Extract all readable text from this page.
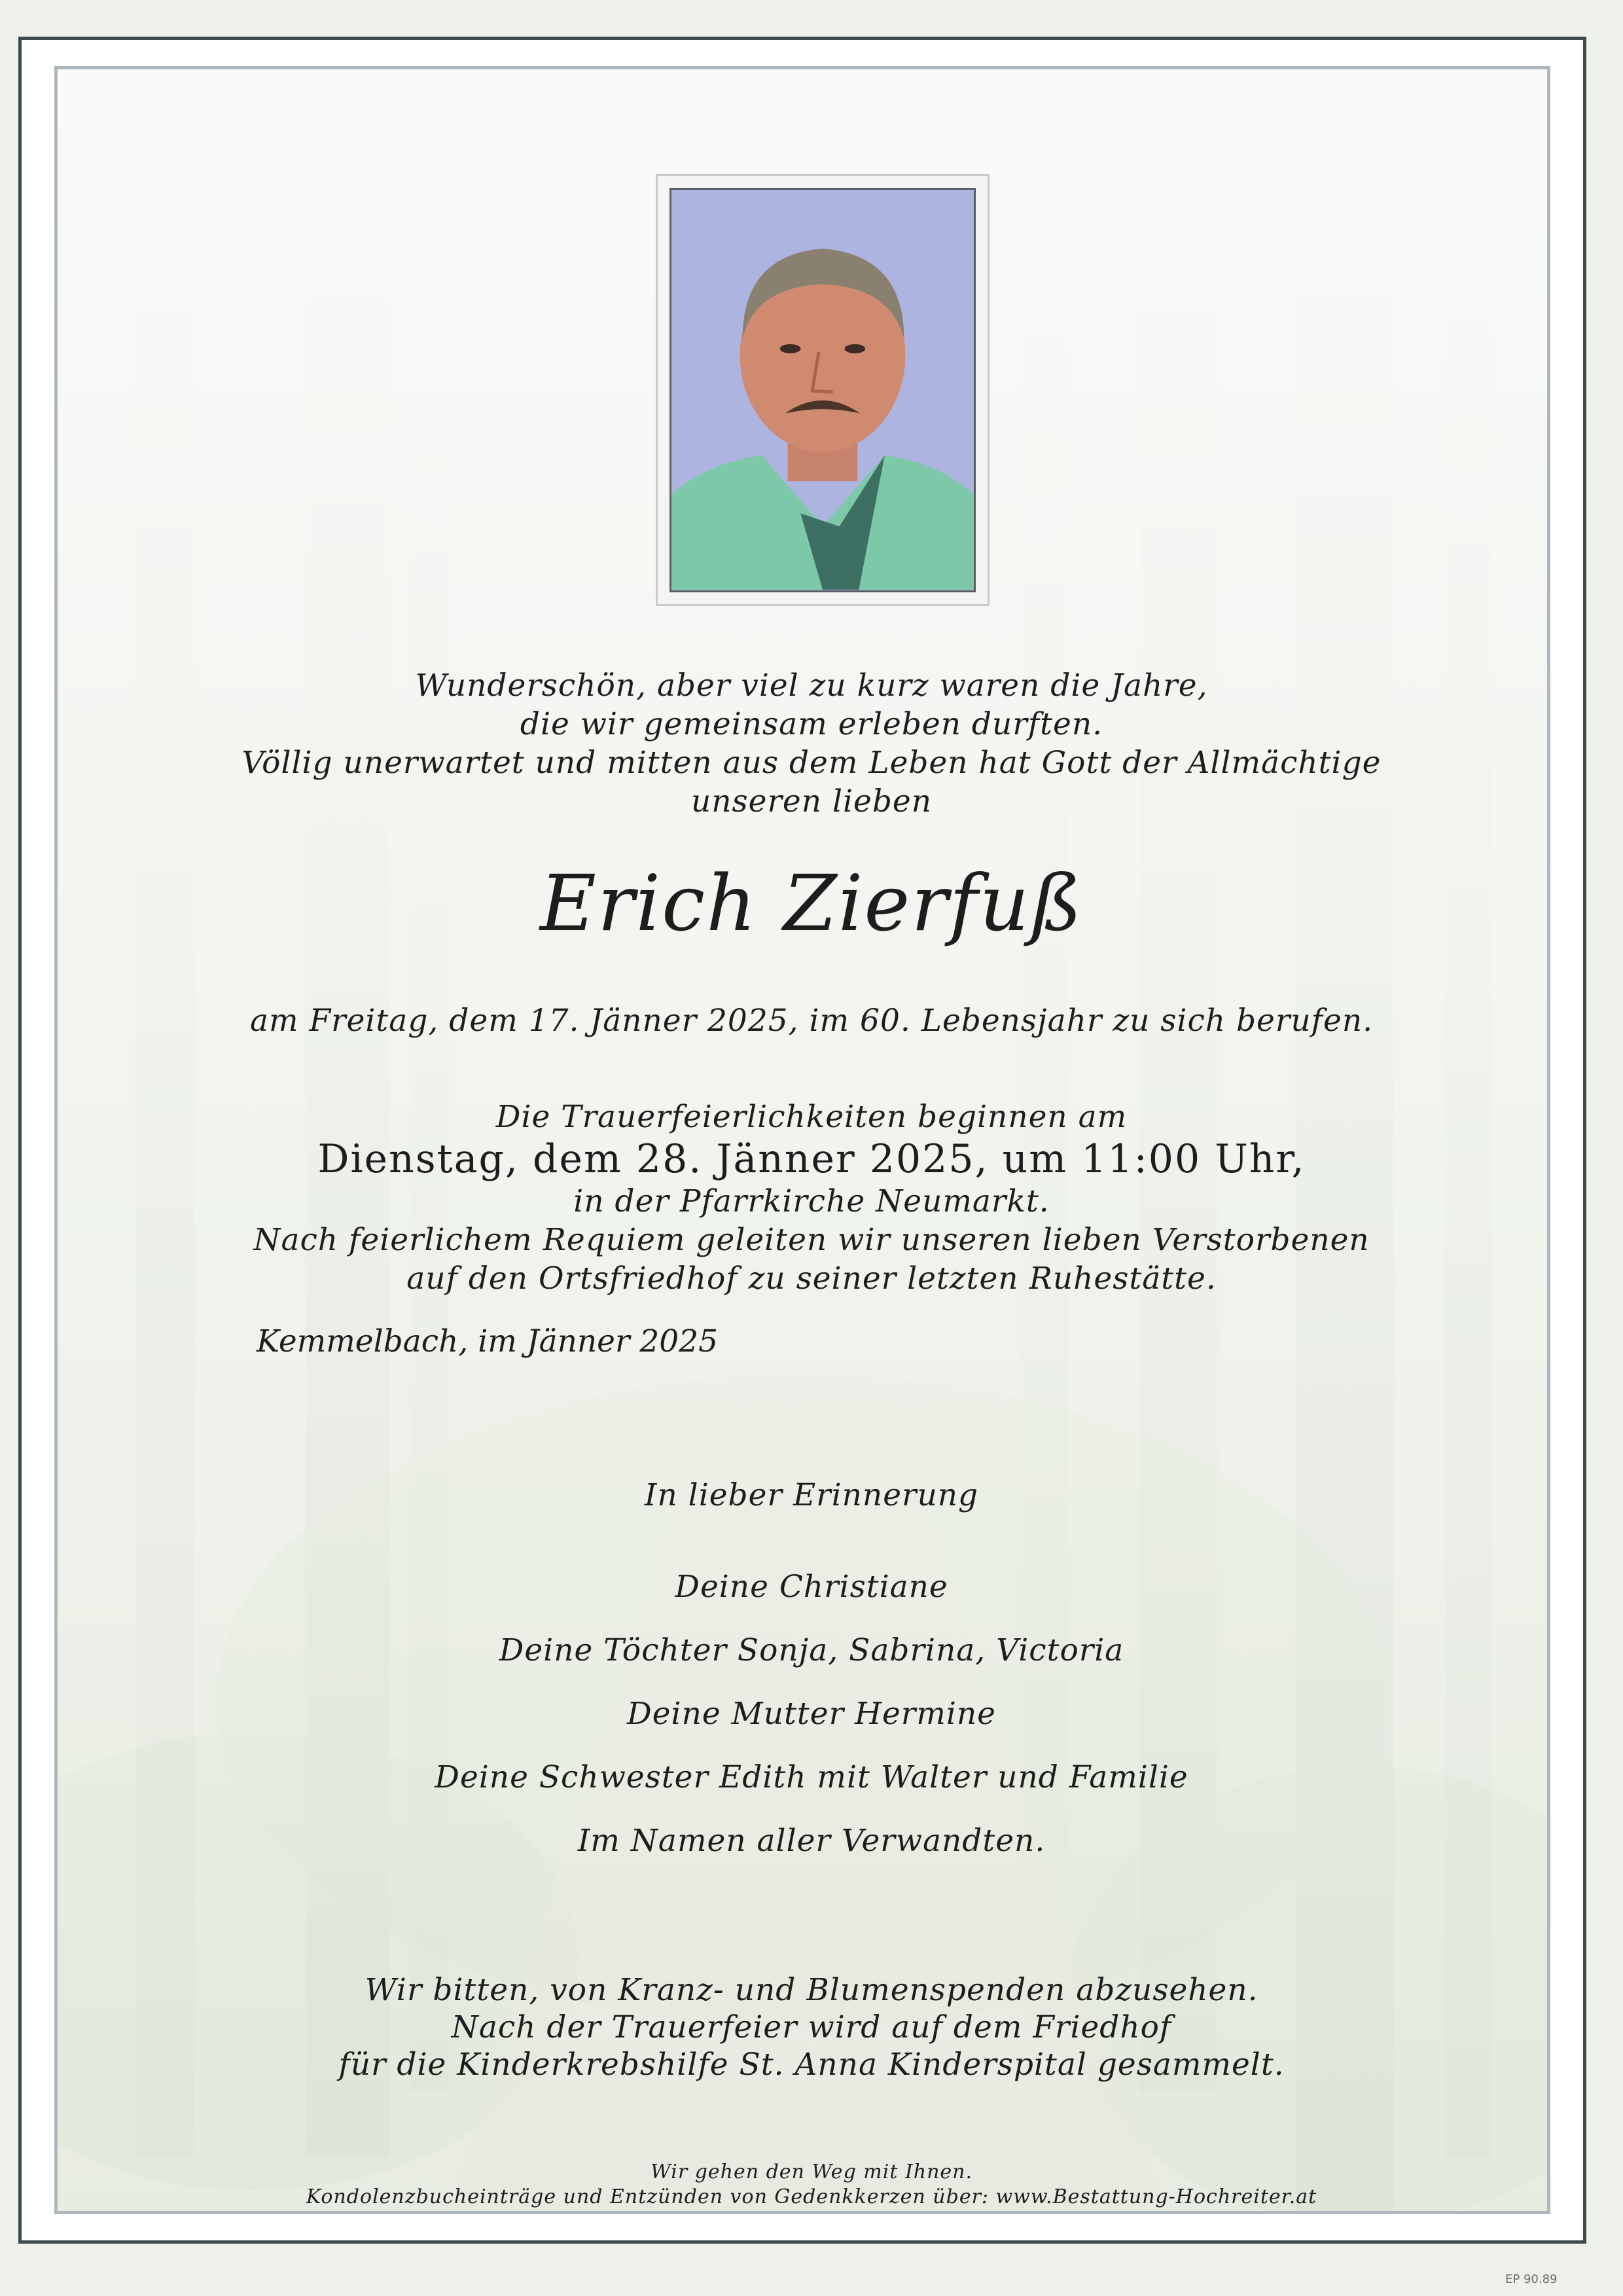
Wunderschön, aber viel zu kurz waren die Jahre,
die wir gemeinsam erleben durften.
Völlig unerwartet und mitten aus dem Leben hat Gott der Allmächtige
unseren lieben
Erich Zierfuß
am Freitag, dem 17. Jänner 2025, im 60. Lebensjahr zu sich berufen.
Die Trauerfeierlichkeiten beginnen am
Dienstag, dem 28. Jänner 2025, um 11:00 Uhr,
in der Pfarrkirche Neumarkt.
Nach feierlichem Requiem geleiten wir unseren lieben Verstorbenen
auf den Ortsfriedhof zu seiner letzten Ruhestätte.
Kemmelbach, im Jänner 2025
In lieber Erinnerung
Deine Christiane
Deine Töchter Sonja, Sabrina, Victoria
Deine Mutter Hermine
Deine Schwester Edith mit Walter und Familie
Im Namen aller Verwandten.
Wir bitten, von Kranz- und Blumenspenden abzusehen.
Nach der Trauerfeier wird auf dem Friedhof
für die Kinderkrebshilfe St. Anna Kinderspital gesammelt.
Wir gehen den Weg mit Ihnen.
Kondolenzbucheinträge und Entzünden von Gedenkkerzen über: www.Bestattung-Hochreiter.at
EP 90.89
